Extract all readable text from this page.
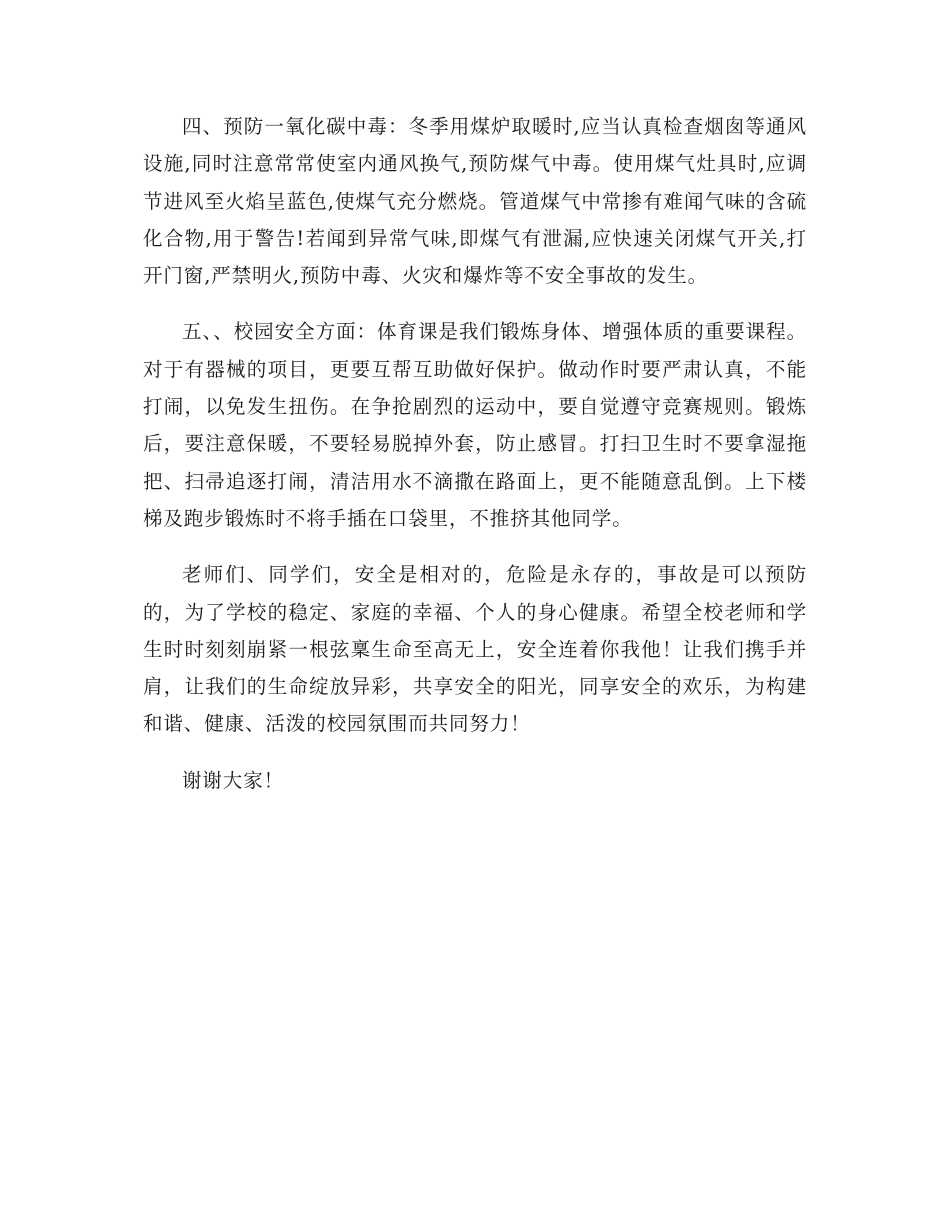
四、预防一氧化碳中毒：冬季用煤炉取暖时,应当认真检查烟囱等通风设施,同时注意常常使室内通风换气,预防煤气中毒。使用煤气灶具时,应调节进风至火焰呈蓝色,使煤气充分燃烧。管道煤气中常掺有难闻气味的含硫化合物,用于警告!若闻到异常气味,即煤气有泄漏,应快速关闭煤气开关,打开门窗,严禁明火,预防中毒、火灾和爆炸等不安全事故的发生。

五、、校园安全方面：体育课是我们锻炼身体、增强体质的重要课程。对于有器械的项目，更要互帮互助做好保护。做动作时要严肃认真，不能打闹，以免发生扭伤。在争抢剧烈的运动中，要自觉遵守竞赛规则。锻炼后，要注意保暖，不要轻易脱掉外套，防止感冒。打扫卫生时不要拿湿拖把、扫帚追逐打闹，清洁用水不滴撒在路面上，更不能随意乱倒。上下楼梯及跑步锻炼时不将手插在口袋里，不推挤其他同学。

老师们、同学们，安全是相对的，危险是永存的，事故是可以预防的，为了学校的稳定、家庭的幸福、个人的身心健康。希望全校老师和学生时时刻刻崩紧一根弦稟生命至高无上，安全连着你我他！让我们携手并肩，让我们的生命绽放异彩，共享安全的阳光，同享安全的欢乐，为构建和谐、健康、活泼的校园氛围而共同努力！

谢谢大家！
